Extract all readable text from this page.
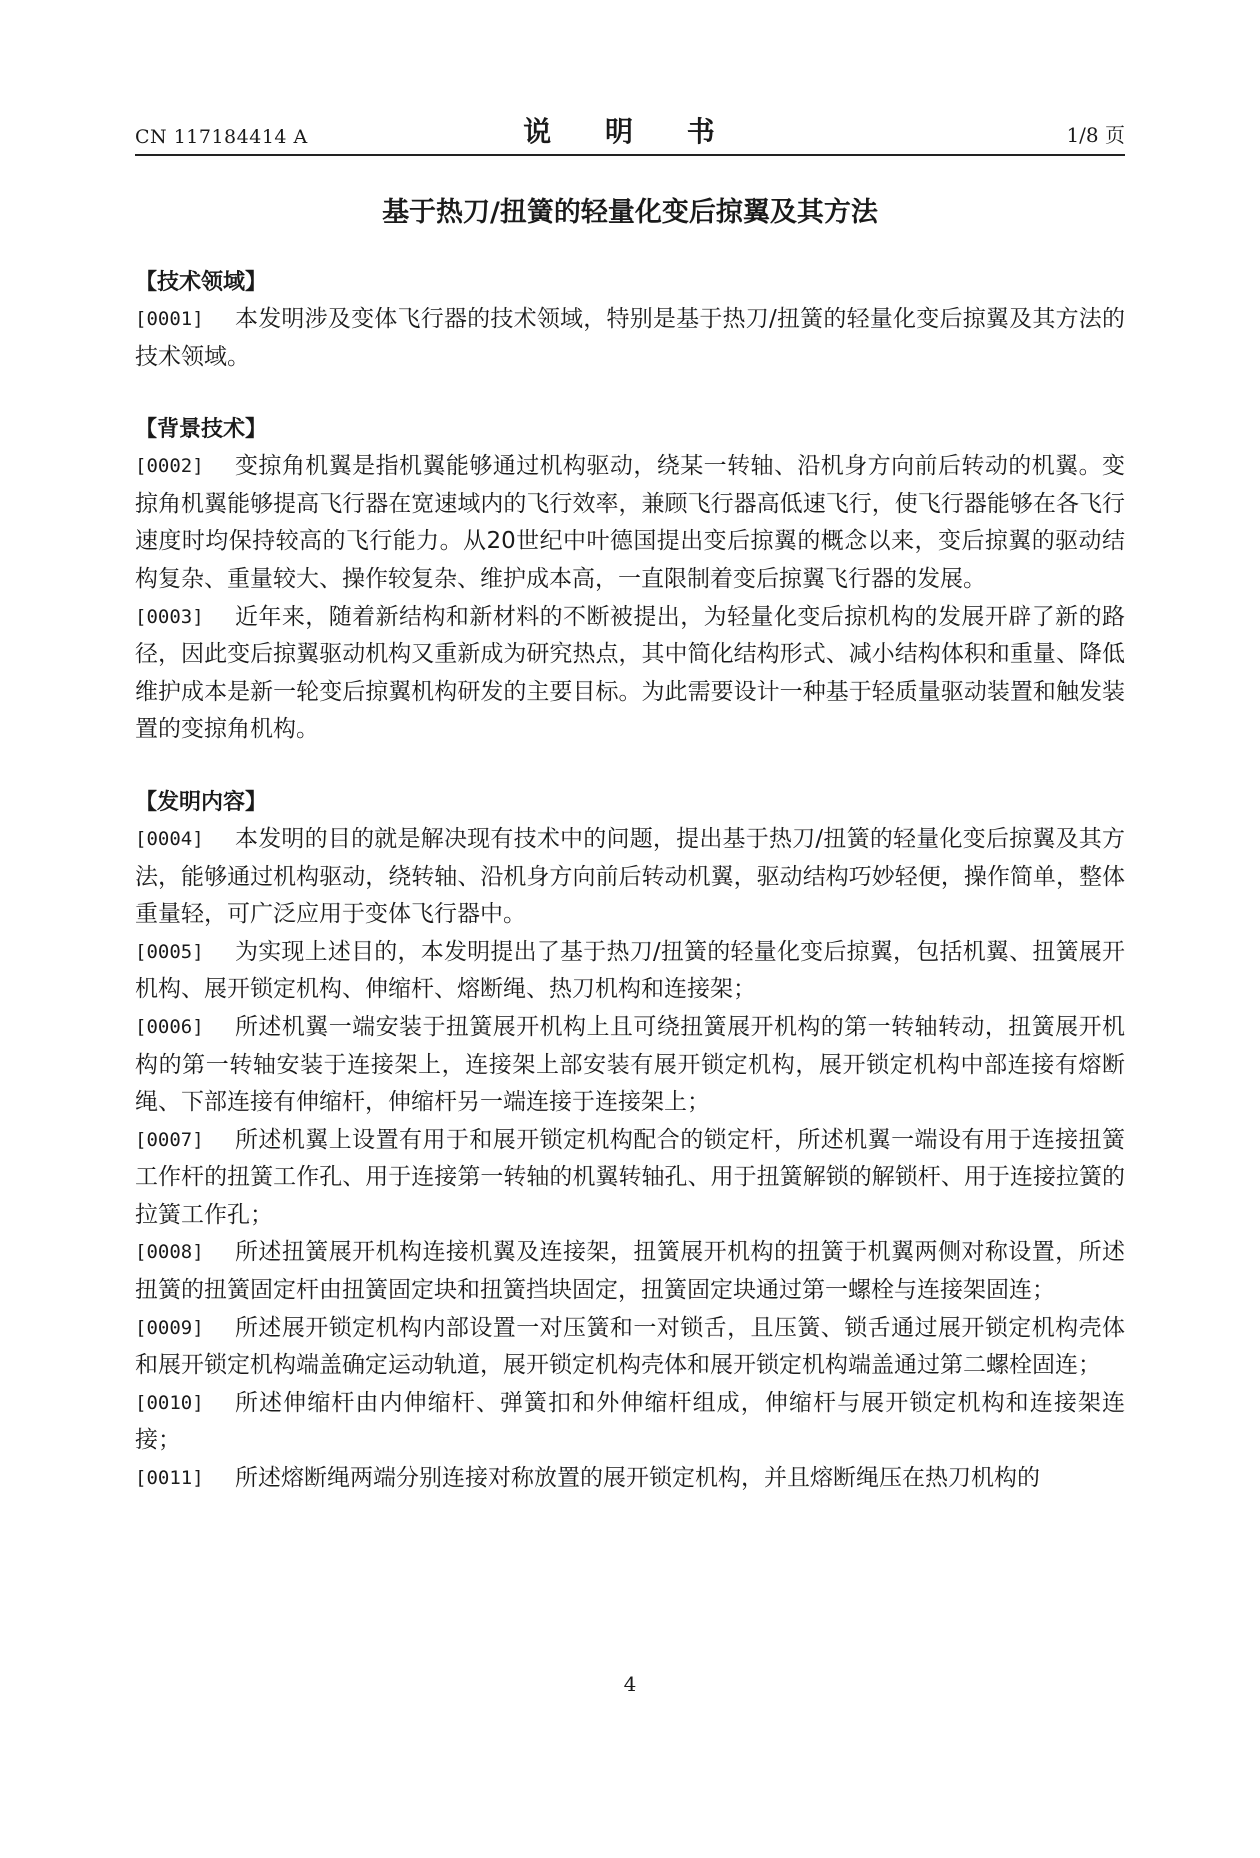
CN 117184414 A	说 明 书	1/8 页
基于热刀/扭簧的轻量化变后掠翼及其方法
【技术领域】
[0001] 本发明涉及变体飞行器的技术领域，特别是基于热刀/扭簧的轻量化变后掠翼及其方法的技术领域。
【背景技术】
[0002] 变掠角机翼是指机翼能够通过机构驱动，绕某一转轴、沿机身方向前后转动的机翼。变掠角机翼能够提高飞行器在宽速域内的飞行效率，兼顾飞行器高低速飞行，使飞行器能够在各飞行速度时均保持较高的飞行能力。从20世纪中叶德国提出变后掠翼的概念以来，变后掠翼的驱动结构复杂、重量较大、操作较复杂、维护成本高，一直限制着变后掠翼飞行器的发展。
[0003] 近年来，随着新结构和新材料的不断被提出，为轻量化变后掠机构的发展开辟了新的路径，因此变后掠翼驱动机构又重新成为研究热点，其中简化结构形式、减小结构体积和重量、降低维护成本是新一轮变后掠翼机构研发的主要目标。为此需要设计一种基于轻质量驱动装置和触发装置的变掠角机构。
【发明内容】
[0004] 本发明的目的就是解决现有技术中的问题，提出基于热刀/扭簧的轻量化变后掠翼及其方法，能够通过机构驱动，绕转轴、沿机身方向前后转动机翼，驱动结构巧妙轻便，操作简单，整体重量轻，可广泛应用于变体飞行器中。
[0005] 为实现上述目的，本发明提出了基于热刀/扭簧的轻量化变后掠翼，包括机翼、扭簧展开机构、展开锁定机构、伸缩杆、熔断绳、热刀机构和连接架；
[0006] 所述机翼一端安装于扭簧展开机构上且可绕扭簧展开机构的第一转轴转动，扭簧展开机构的第一转轴安装于连接架上，连接架上部安装有展开锁定机构，展开锁定机构中部连接有熔断绳、下部连接有伸缩杆，伸缩杆另一端连接于连接架上；
[0007] 所述机翼上设置有用于和展开锁定机构配合的锁定杆，所述机翼一端设有用于连接扭簧工作杆的扭簧工作孔、用于连接第一转轴的机翼转轴孔、用于扭簧解锁的解锁杆、用于连接拉簧的拉簧工作孔；
[0008] 所述扭簧展开机构连接机翼及连接架，扭簧展开机构的扭簧于机翼两侧对称设置，所述扭簧的扭簧固定杆由扭簧固定块和扭簧挡块固定，扭簧固定块通过第一螺栓与连接架固连；
[0009] 所述展开锁定机构内部设置一对压簧和一对锁舌，且压簧、锁舌通过展开锁定机构壳体和展开锁定机构端盖确定运动轨道，展开锁定机构壳体和展开锁定机构端盖通过第二螺栓固连；
[0010] 所述伸缩杆由内伸缩杆、弹簧扣和外伸缩杆组成，伸缩杆与展开锁定机构和连接架连接；
[0011] 所述熔断绳两端分别连接对称放置的展开锁定机构，并且熔断绳压在热刀机构的
4
